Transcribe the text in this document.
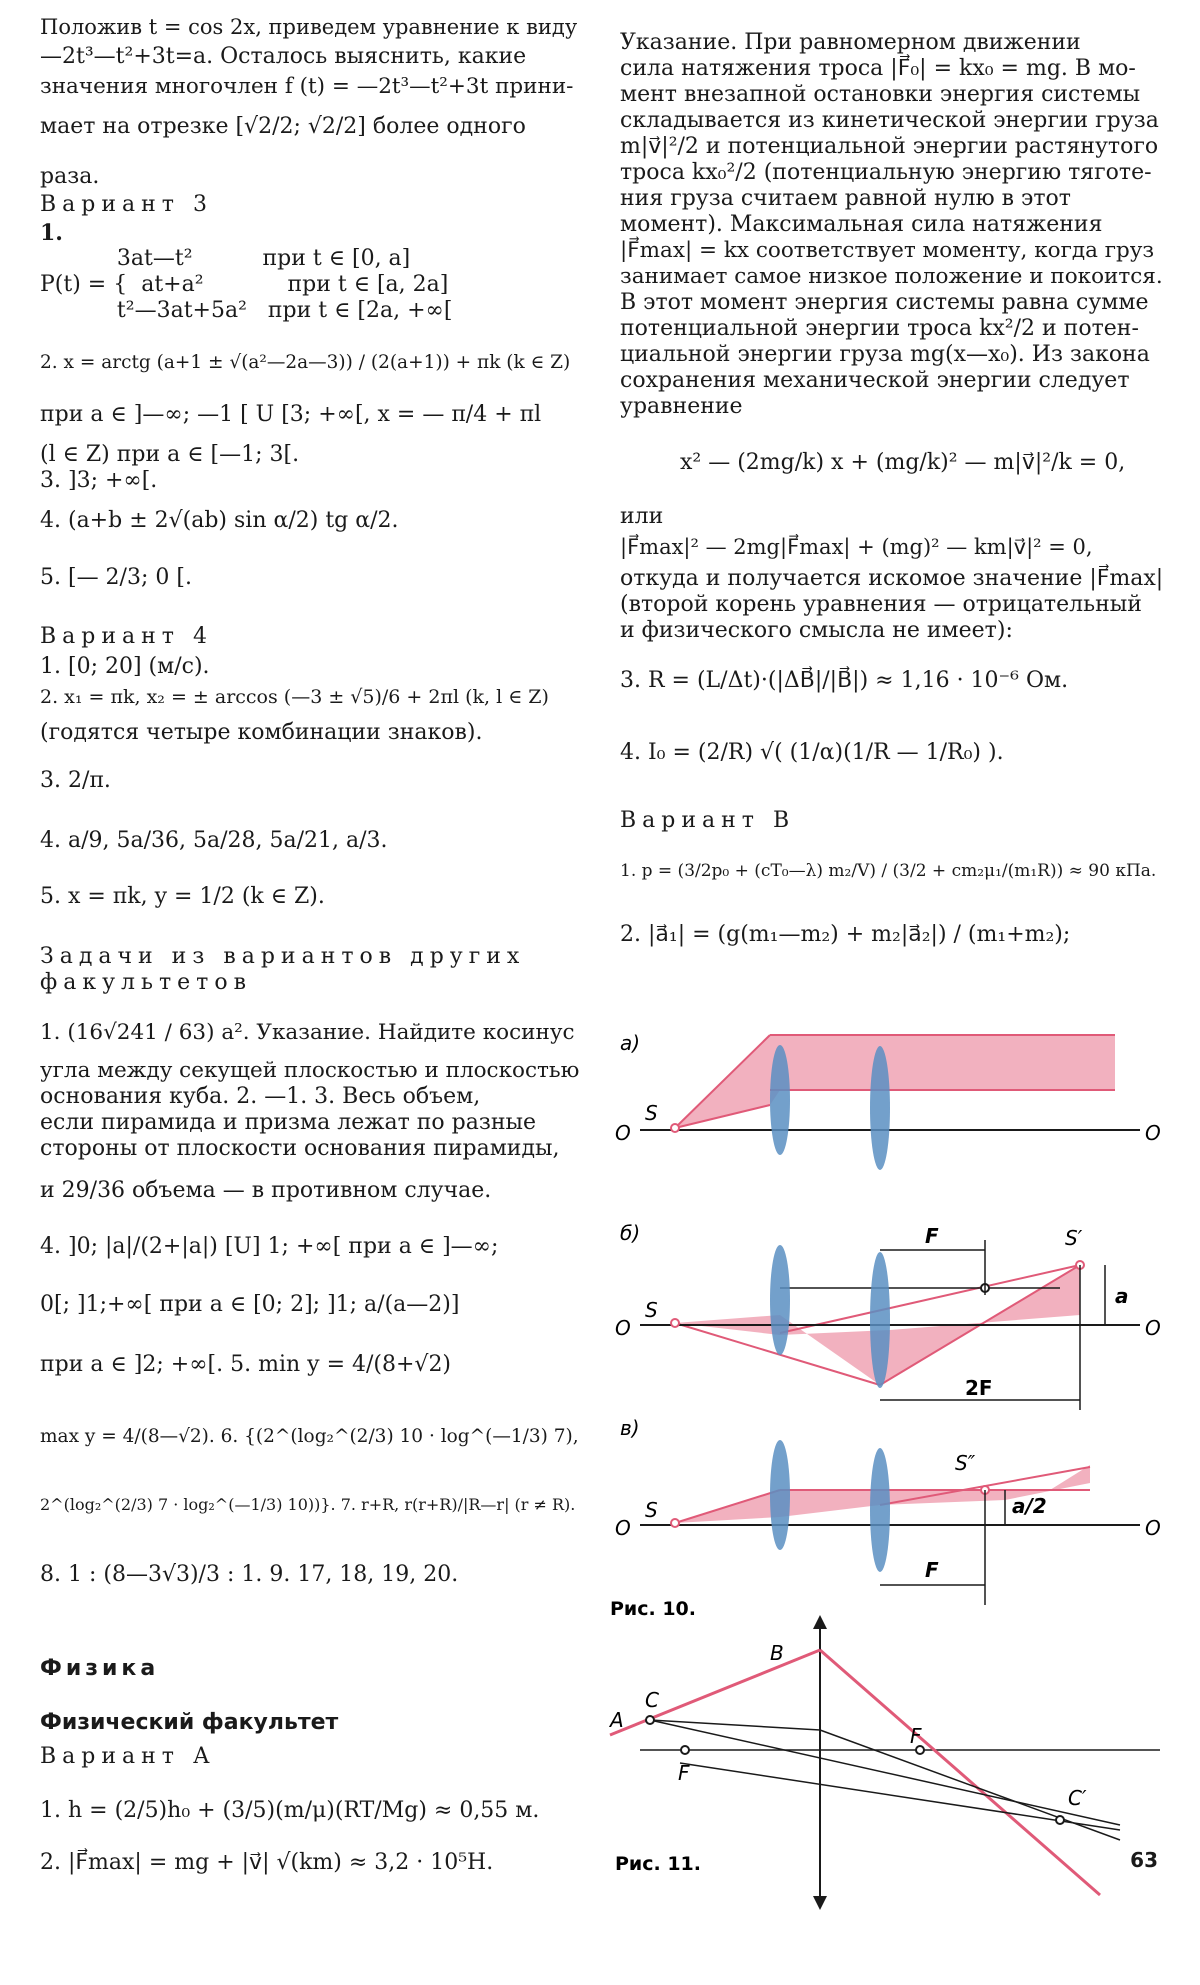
Положив t = cos 2x, приведем уравнение к виду
—2t³—t²+3t=a. Осталось выяснить, какие
значения многочлен f (t) = —2t³—t²+3t прини-
мает на отрезке [√2/2; √2/2] более одного
раза.
Вариант 3
1.
3at—t²          при t ∈ [0, a]
P(t) = {  at+a²            при t ∈ [a, 2a]
t²—3at+5a²   при t ∈ [2a, +∞[
2. x = arctg (a+1 ± √(a²—2a—3)) / (2(a+1)) + πk (k ∈ Z)
при a ∈ ]—∞; —1 [ U [3; +∞[, x = — π/4 + πl
(l ∈ Z) при a ∈ [—1; 3[.
3. ]3; +∞[.
4. (a+b ± 2√(ab) sin α/2) tg α/2.
5. [— 2/3; 0 [.
Вариант 4
1. [0; 20] (м/с).
2. x₁ = πk, x₂ = ± arccos (—3 ± √5)/6 + 2πl (k, l ∈ Z)
(годятся четыре комбинации знаков).
3. 2/π.
4. a/9, 5a/36, 5a/28, 5a/21, a/3.
5. x = πk, y = 1/2 (k ∈ Z).
Задачи из вариантов других
факультетов
1. (16√241 / 63) a². Указание. Найдите косинус
угла между секущей плоскостью и плоскостью
основания куба. 2. —1. 3. Весь объем,
если пирамида и призма лежат по разные
стороны от плоскости основания пирамиды,
и 29/36 объема — в противном случае.
4. ]0; |a|/(2+|a|) [U] 1; +∞[ при a ∈ ]—∞;
0[; ]1;+∞[ при a ∈ [0; 2]; ]1; a/(a—2)]
при a ∈ ]2; +∞[. 5. min y = 4/(8+√2)
max y = 4/(8—√2). 6. {(2^(log₂^(2/3) 10 · log^(—1/3) 7),
2^(log₂^(2/3) 7 · log₂^(—1/3) 10))}. 7. r+R, r(r+R)/|R—r| (r ≠ R).
8. 1 : (8—3√3)/3 : 1. 9. 17, 18, 19, 20.
Физика
Физический факультет
Вариант А
1. h = (2/5)h₀ + (3/5)(m/μ)(RT/Mg) ≈ 0,55 м.
2. |F⃗max| = mg + |v⃗| √(km) ≈ 3,2 · 10⁵Н.
Указание. При равномерном движении
сила натяжения троса |F⃗₀| = kx₀ = mg. В мо-
мент внезапной остановки энергия системы
складывается из кинетической энергии груза
m|v⃗|²/2 и потенциальной энергии растянутого
троса kx₀²/2 (потенциальную энергию тяготе-
ния груза считаем равной нулю в этот
момент). Максимальная сила натяжения
|F⃗max| = kx соответствует моменту, когда груз
занимает самое низкое положение и покоится.
В этот момент энергия системы равна сумме
потенциальной энергии троса kx²/2 и потен-
циальной энергии груза mg(x—x₀). Из закона
сохранения механической энергии следует
уравнение
x² — (2mg/k) x + (mg/k)² — m|v⃗|²/k = 0,
или
|F⃗max|² — 2mg|F⃗max| + (mg)² — km|v⃗|² = 0,
откуда и получается искомое значение |F⃗max|
(второй корень уравнения — отрицательный
и физического смысла не имеет):
3. R = (L/Δt)·(|ΔB⃗|/|B⃗|) ≈ 1,16 · 10⁻⁶ Ом.
4. I₀ = (2/R) √( (1/α)(1/R — 1/R₀) ).
Вариант В
1. p = (3/2p₀ + (cT₀—λ) m₂/V) / (3/2 + cm₂μ₁/(m₁R)) ≈ 90 кПа.
2. |a⃗₁| = (g(m₁—m₂) + m₂|a⃗₂|) / (m₁+m₂);
а)
S
O	O
б)
S
O	O
S′
F
a
2F
в)
S
O	O
S″
a/2
F
Рис. 10.
A
C
B
F
F
C′
Рис. 11.	63
